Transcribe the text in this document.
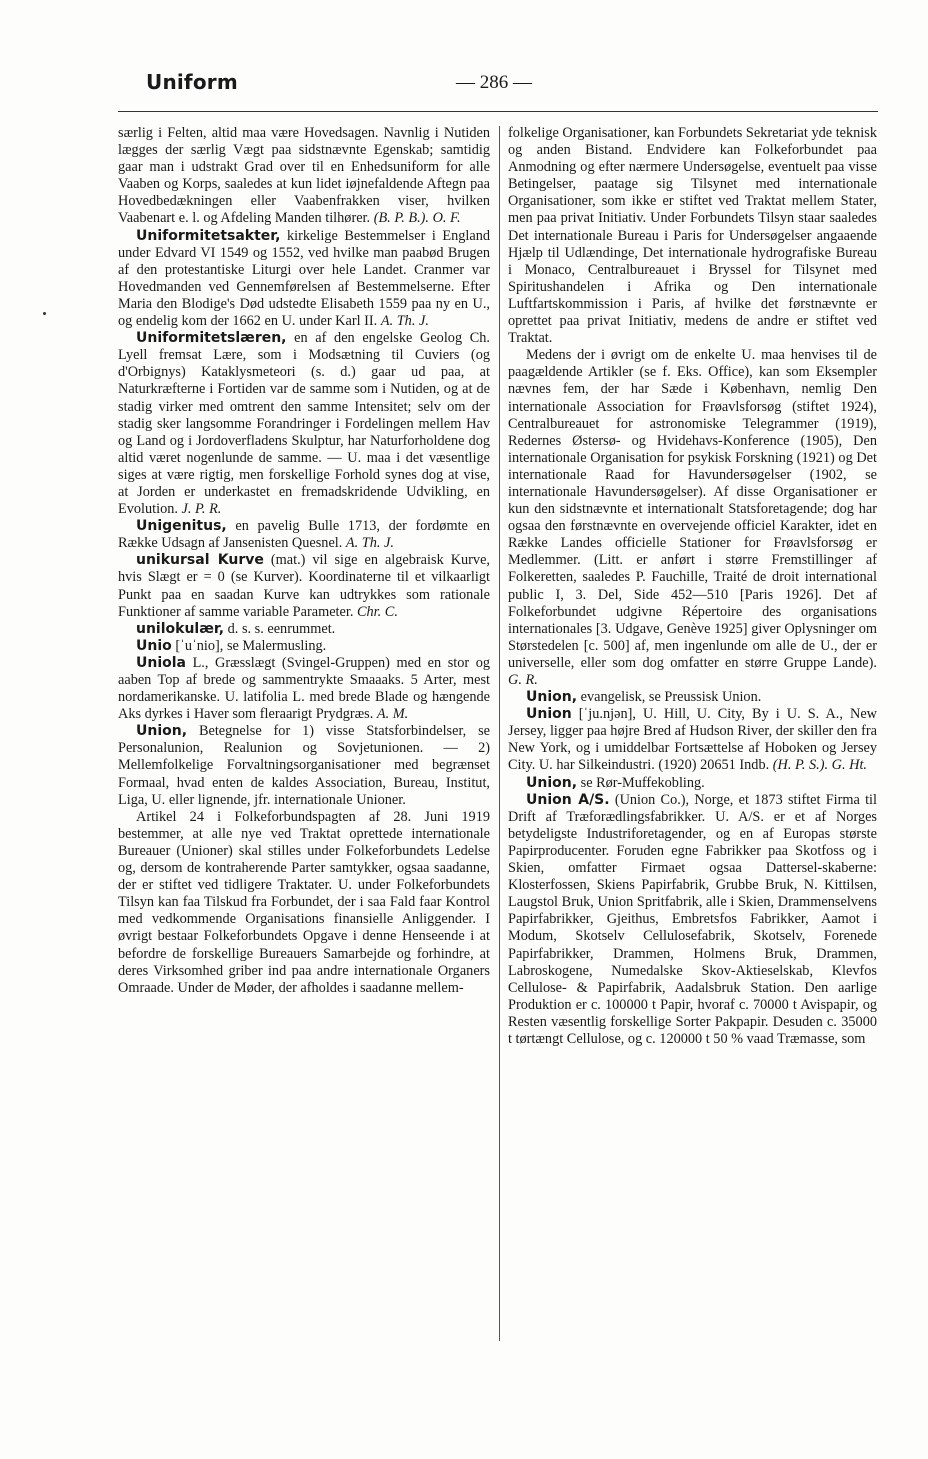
Uniform	— 286 —

særlig i Felten, altid maa være Hovedsagen. Navnlig i Nutiden lægges der særlig Vægt paa sidstnævnte Egenskab; samtidig gaar man i udstrakt Grad over til en Enhedsuniform for alle Vaaben og Korps, saaledes at kun lidet iøjnefaldende Aftegn paa Hovedbedækningen eller Vaabenfrakken viser, hvilken Vaabenart e. l. og Afdeling Manden tilhører. (B. P. B.). O. F.

Uniformitetsakter, kirkelige Bestemmelser i England under Edvard VI 1549 og 1552, ved hvilke man paabød Brugen af den protestantiske Liturgi over hele Landet. Cranmer var Hovedmanden ved Gennemførelsen af Bestemmelserne. Efter Maria den Blodige's Død udstedte Elisabeth 1559 paa ny en U., og endelig kom der 1662 en U. under Karl II. A. Th. J.

Uniformitetslæren, en af den engelske Geolog Ch. Lyell fremsat Lære, som i Modsætning til Cuviers (og d'Orbignys) Kataklysmeteori (s. d.) gaar ud paa, at Naturkræfterne i Fortiden var de samme som i Nutiden, og at de stadig virker med omtrent den samme Intensitet; selv om der stadig sker langsomme Forandringer i Fordelingen mellem Hav og Land og i Jordoverfladens Skulptur, har Naturforholdene dog altid været nogenlunde de samme. — U. maa i det væsentlige siges at være rigtig, men forskellige Forhold synes dog at vise, at Jorden er underkastet en fremadskridende Udvikling, en Evolution. J. P. R.

Unigenitus, en pavelig Bulle 1713, der fordømte en Række Udsagn af Jansenisten Quesnel. A. Th. J.

unikursal Kurve (mat.) vil sige en algebraisk Kurve, hvis Slægt er = 0 (se Kurver). Koordinaterne til et vilkaarligt Punkt paa en saadan Kurve kan udtrykkes som rationale Funktioner af samme variable Parameter. Chr. C.

unilokulær, d. s. s. eenrummet.

Unio [ˈuˈnio], se Malermusling.

Uniola L., Græsslægt (Svingel-Gruppen) med en stor og aaben Top af brede og sammentrykte Smaaaks. 5 Arter, mest nordamerikanske. U. latifolia L. med brede Blade og hængende Aks dyrkes i Haver som fleraarigt Prydgræs. A. M.

Union, Betegnelse for 1) visse Statsforbindelser, se Personalunion, Realunion og Sovjetunionen. — 2) Mellemfolkelige Forvaltningsorganisationer med begrænset Formaal, hvad enten de kaldes Association, Bureau, Institut, Liga, U. eller lignende, jfr. internationale Unioner.

Artikel 24 i Folkeforbundspagten af 28. Juni 1919 bestemmer, at alle nye ved Traktat oprettede internationale Bureauer (Unioner) skal stilles under Folkeforbundets Ledelse og, dersom de kontraherende Parter samtykker, ogsaa saadanne, der er stiftet ved tidligere Traktater. U. under Folkeforbundets Tilsyn kan faa Tilskud fra Forbundet, der i saa Fald faar Kontrol med vedkommende Organisations finansielle Anliggender. I øvrigt bestaar Folkeforbundets Opgave i denne Henseende i at befordre de forskellige Bureauers Samarbejde og forhindre, at deres Virksomhed griber ind paa andre internationale Organers Omraade. Under de Møder, der afholdes i saadanne mellem-

folkelige Organisationer, kan Forbundets Sekretariat yde teknisk og anden Bistand. Endvidere kan Folkeforbundet paa Anmodning og efter nærmere Undersøgelse, eventuelt paa visse Betingelser, paatage sig Tilsynet med internationale Organisationer, som ikke er stiftet ved Traktat mellem Stater, men paa privat Initiativ. Under Forbundets Tilsyn staar saaledes Det internationale Bureau i Paris for Undersøgelser angaaende Hjælp til Udlændinge, Det internationale hydrografiske Bureau i Monaco, Centralbureauet i Bryssel for Tilsynet med Spiritushandelen i Afrika og Den internationale Luftfartskommission i Paris, af hvilke det førstnævnte er oprettet paa privat Initiativ, medens de andre er stiftet ved Traktat.

Medens der i øvrigt om de enkelte U. maa henvises til de paagældende Artikler (se f. Eks. Office), kan som Eksempler nævnes fem, der har Sæde i København, nemlig Den internationale Association for Frøavlsforsøg (stiftet 1924), Centralbureauet for astronomiske Telegrammer (1919), Redernes Østersø- og Hvidehavs-Konference (1905), Den internationale Organisation for psykisk Forskning (1921) og Det internationale Raad for Havundersøgelser (1902, se internationale Havundersøgelser). Af disse Organisationer er kun den sidstnævnte et internationalt Statsforetagende; dog har ogsaa den førstnævnte en overvejende officiel Karakter, idet en Række Landes officielle Stationer for Frøavlsforsøg er Medlemmer. (Litt. er anført i større Fremstillinger af Folkeretten, saaledes P. Fauchille, Traité de droit international public I, 3. Del, Side 452—510 [Paris 1926]. Det af Folkeforbundet udgivne Répertoire des organisations internationales [3. Udgave, Genève 1925] giver Oplysninger om Størstedelen [c. 500] af, men ingenlunde om alle de U., der er universelle, eller som dog omfatter en større Gruppe Lande). G. R.

Union, evangelisk, se Preussisk Union.

Union [ˈju.njən], U. Hill, U. City, By i U. S. A., New Jersey, ligger paa højre Bred af Hudson River, der skiller den fra New York, og i umiddelbar Fortsættelse af Hoboken og Jersey City. U. har Silkeindustri. (1920) 20651 Indb. (H. P. S.). G. Ht.

Union, se Rør-Muffekobling.

Union A/S. (Union Co.), Norge, et 1873 stiftet Firma til Drift af Træforædlingsfabrikker. U. A/S. er et af Norges betydeligste Industriforetagender, og en af Europas største Papirproducenter. Foruden egne Fabrikker paa Skotfoss og i Skien, omfatter Firmaet ogsaa Dattersel-skaberne: Klosterfossen, Skiens Papirfabrik, Grubbe Bruk, N. Kittilsen, Laugstol Bruk, Union Spritfabrik, alle i Skien, Drammenselvens Papirfabrikker, Gjeithus, Embretsfos Fabrikker, Aamot i Modum, Skotselv Cellulosefabrik, Skotselv, Forenede Papirfabrikker, Drammen, Holmens Bruk, Drammen, Labroskogene, Numedalske Skov-Aktieselskab, Klevfos Cellulose- & Papirfabrik, Aadalsbruk Station. Den aarlige Produktion er c. 100000 t Papir, hvoraf c. 70000 t Avispapir, og Resten væsentlig forskellige Sorter Pakpapir. Desuden c. 35000 t tørtængt Cellulose, og c. 120000 t 50 % vaad Træmasse, som
